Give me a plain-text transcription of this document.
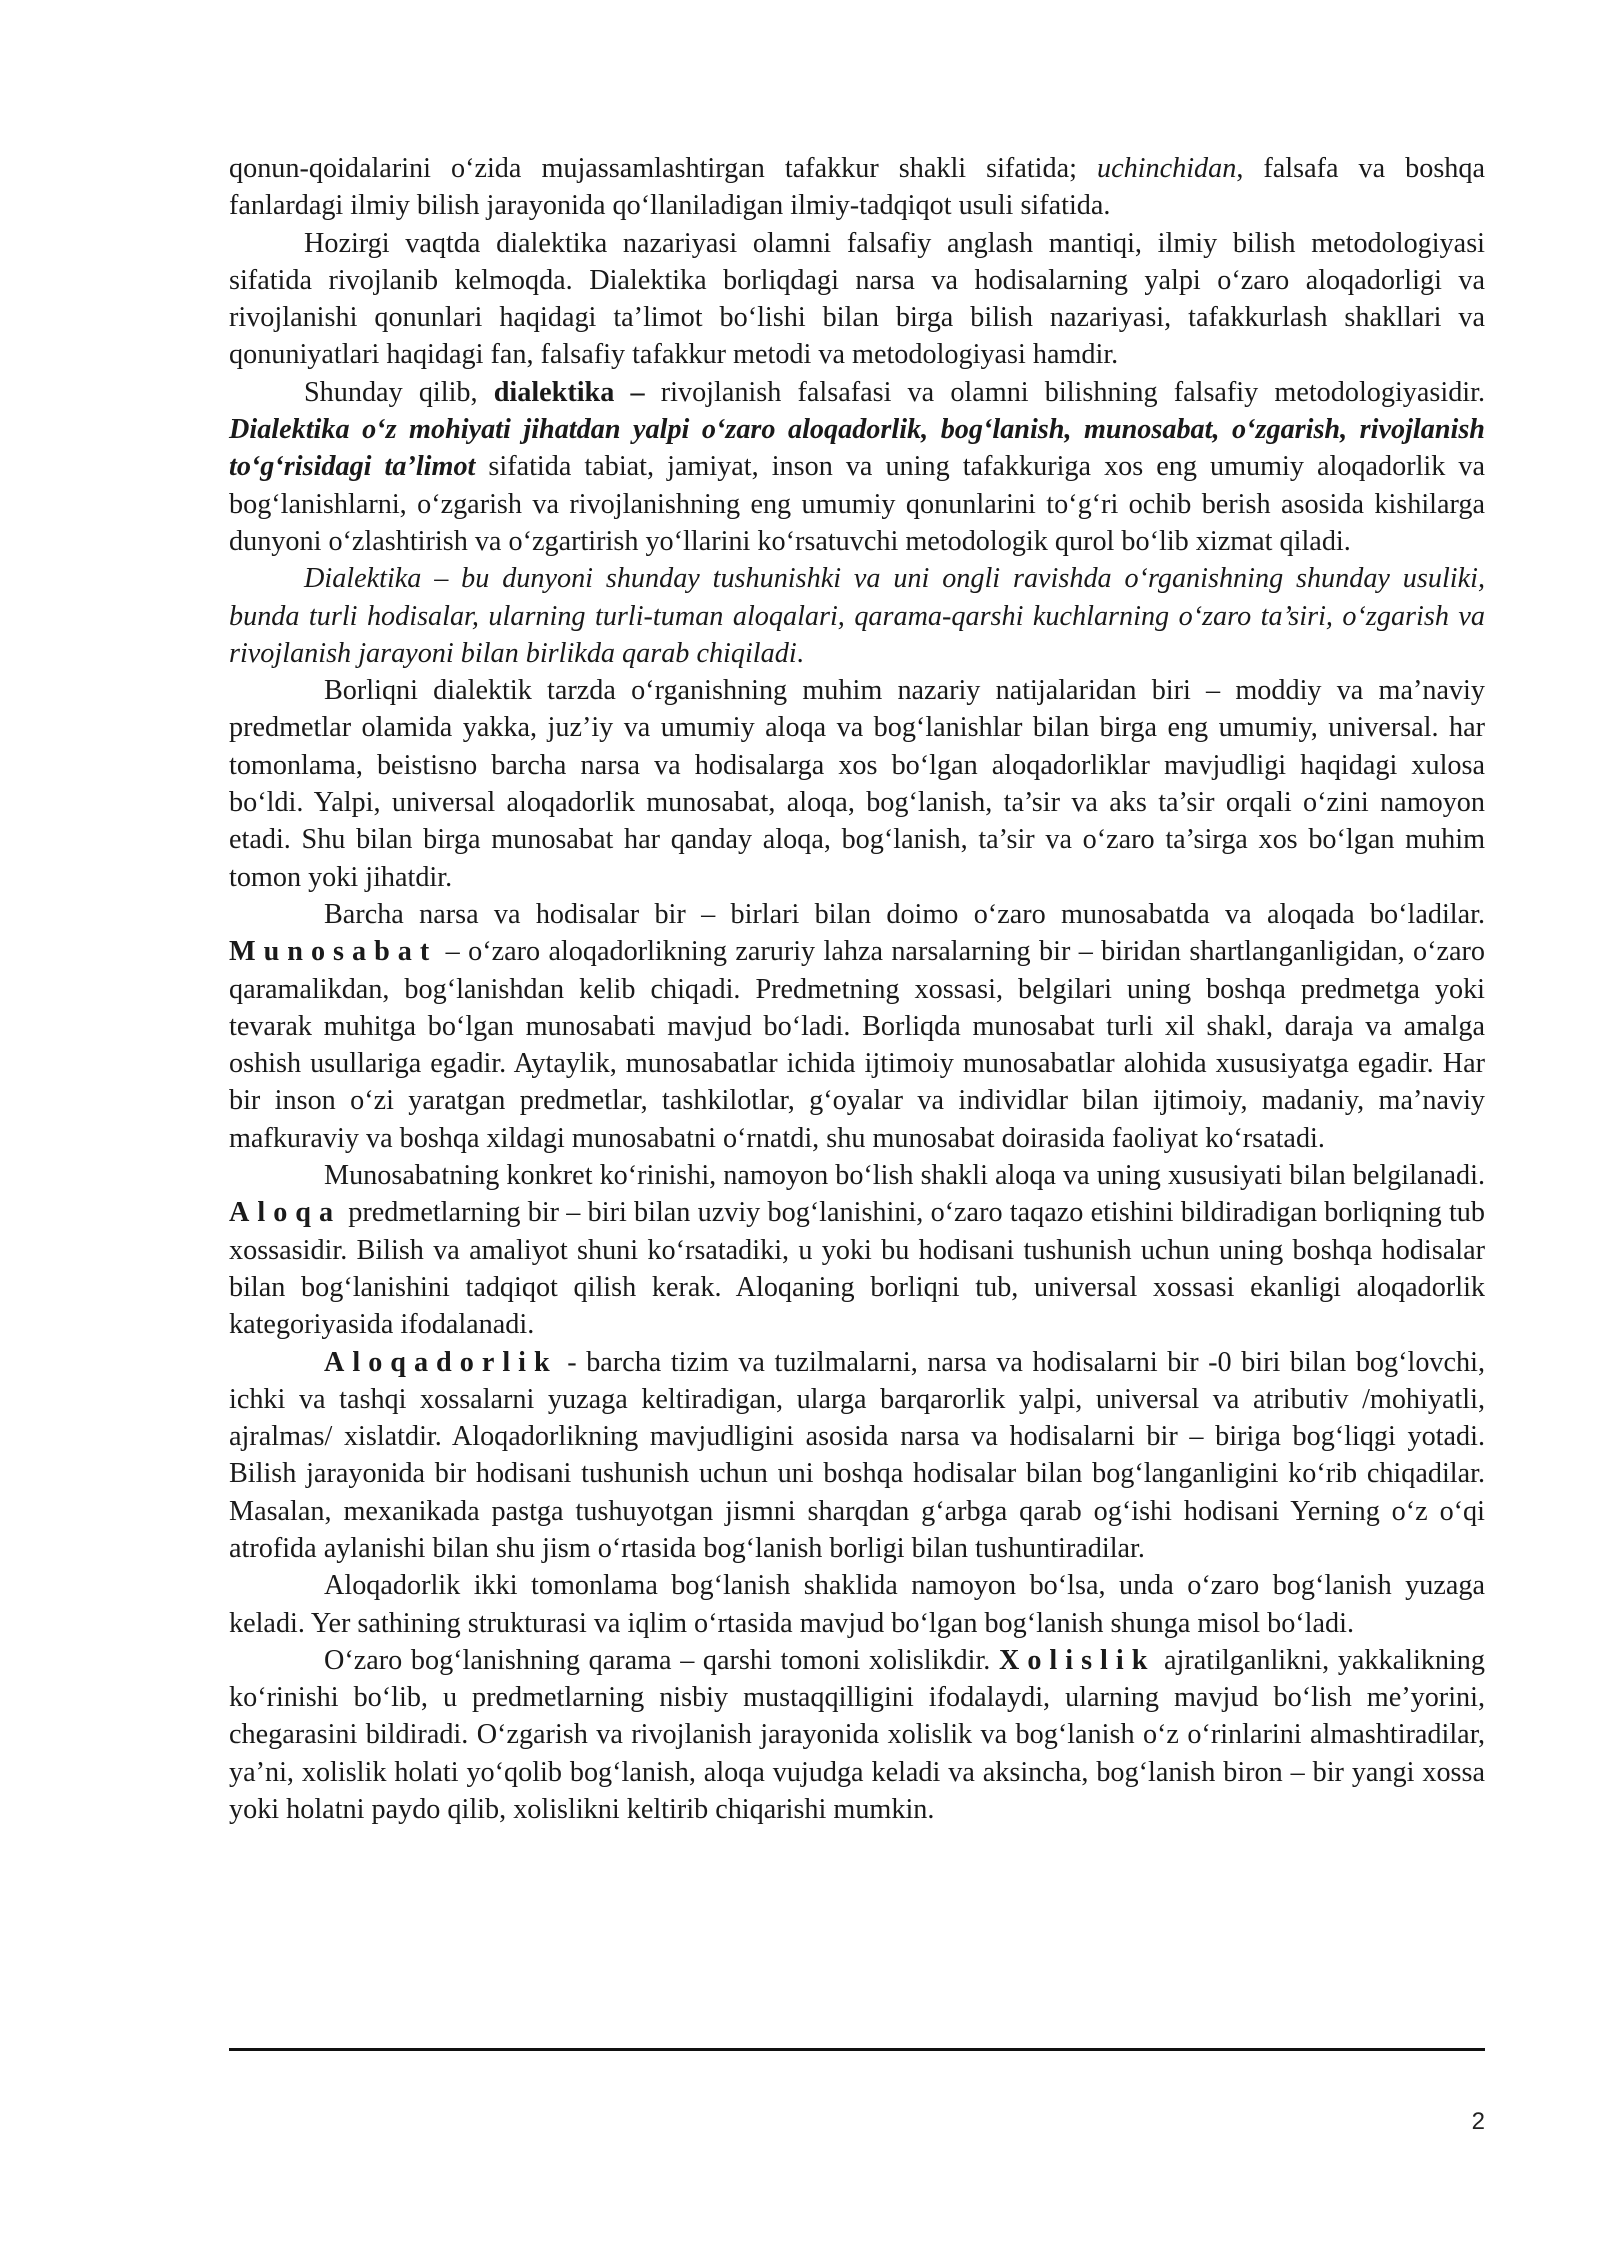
qonun-qoidalarini o‘zida mujassamlashtirgan tafakkur shakli sifatida; uchinchidan, falsafa va boshqa fanlardagi ilmiy bilish jarayonida qo‘llaniladigan ilmiy-tadqiqot usuli sifatida.

Hozirgi vaqtda dialektika nazariyasi olamni falsafiy anglash mantiqi, ilmiy bilish metodologiyasi sifatida rivojlanib kelmoqda. Dialektika borliqdagi narsa va hodisalarning yalpi o‘zaro aloqadorligi va rivojlanishi qonunlari haqidagi ta’limot bo‘lishi bilan birga bilish nazariyasi, tafakkurlash shakllari va qonuniyatlari haqidagi fan, falsafiy tafakkur metodi va metodologiyasi hamdir.

Shunday qilib, dialektika – rivojlanish falsafasi va olamni bilishning falsafiy metodologiyasidir. Dialektika o‘z mohiyati jihatdan yalpi o‘zaro aloqadorlik, bog‘lanish, munosabat, o‘zgarish, rivojlanish to‘g‘risidagi ta’limot sifatida tabiat, jamiyat, inson va uning tafakkuriga xos eng umumiy aloqadorlik va bog‘lanishlarni, o‘zgarish va rivojlanishning eng umumiy qonunlarini to‘g‘ri ochib berish asosida kishilarga dunyoni o‘zlashtirish va o‘zgartirish yo‘llarini ko‘rsatuvchi metodologik qurol bo‘lib xizmat qiladi.

Dialektika – bu dunyoni shunday tushunishki va uni ongli ravishda o‘rganishning shunday usuliki, bunda turli hodisalar, ularning turli-tuman aloqalari, qarama-qarshi kuchlarning o‘zaro ta’siri, o‘zgarish va rivojlanish jarayoni bilan birlikda qarab chiqiladi.

Borliqni dialektik tarzda o‘rganishning muhim nazariy natijalaridan biri – moddiy va ma’naviy predmetlar olamida yakka, juz’iy va umumiy aloqa va bog‘lanishlar bilan birga eng umumiy, universal. har tomonlama, beistisno barcha narsa va hodisalarga xos bo‘lgan aloqadorliklar mavjudligi haqidagi xulosa bo‘ldi. Yalpi, universal aloqadorlik munosabat, aloqa, bog‘lanish, ta’sir va aks ta’sir orqali o‘zini namoyon etadi. Shu bilan birga munosabat har qanday aloqa, bog‘lanish, ta’sir va o‘zaro ta’sirga xos bo‘lgan muhim tomon yoki jihatdir.

Barcha narsa va hodisalar bir – birlari bilan doimo o‘zaro munosabatda va aloqada bo‘ladilar. Munosabat – o‘zaro aloqadorlikning zaruriy lahza narsalarning bir – biridan shartlanganligidan, o‘zaro qaramalikdan, bog‘lanishdan kelib chiqadi. Predmetning xossasi, belgilari uning boshqa predmetga yoki tevarak muhitga bo‘lgan munosabati mavjud bo‘ladi. Borliqda munosabat turli xil shakl, daraja va amalga oshish usullariga egadir. Aytaylik, munosabatlar ichida ijtimoiy munosabatlar alohida xususiyatga egadir. Har bir inson o‘zi yaratgan predmetlar, tashkilotlar, g‘oyalar va individlar bilan ijtimoiy, madaniy, ma’naviy mafkuraviy va boshqa xildagi munosabatni o‘rnatdi, shu munosabat doirasida faoliyat ko‘rsatadi.

Munosabatning konkret ko‘rinishi, namoyon bo‘lish shakli aloqa va uning xususiyati bilan belgilanadi. Aloqa predmetlarning bir – biri bilan uzviy bog‘lanishini, o‘zaro taqazo etishini bildiradigan borliqning tub xossasidir. Bilish va amaliyot shuni ko‘rsatadiki, u yoki bu hodisani tushunish uchun uning boshqa hodisalar bilan bog‘lanishini tadqiqot qilish kerak. Aloqaning borliqni tub, universal xossasi ekanligi aloqadorlik kategoriyasida ifodalanadi.

Aloqadorlik - barcha tizim va tuzilmalarni, narsa va hodisalarni bir -0 biri bilan bog‘lovchi, ichki va tashqi xossalarni yuzaga keltiradigan, ularga barqarorlik yalpi, universal va atributiv /mohiyatli, ajralmas/ xislatdir. Aloqadorlikning mavjudligini asosida narsa va hodisalarni bir – biriga bog‘liqgi yotadi. Bilish jarayonida bir hodisani tushunish uchun uni boshqa hodisalar bilan bog‘langanligini ko‘rib chiqadilar. Masalan, mexanikada pastga tushuyotgan jismni sharqdan g‘arbga qarab og‘ishi hodisani Yerning o‘z o‘qi atrofida aylanishi bilan shu jism o‘rtasida bog‘lanish borligi bilan tushuntiradilar.

Aloqadorlik ikki tomonlama bog‘lanish shaklida namoyon bo‘lsa, unda o‘zaro bog‘lanish yuzaga keladi. Yer sathining strukturasi va iqlim o‘rtasida mavjud bo‘lgan bog‘lanish shunga misol bo‘ladi.

O‘zaro bog‘lanishning qarama – qarshi tomoni xolislikdir. Xolislik ajratilganlikni, yakkalikning ko‘rinishi bo‘lib, u predmetlarning nisbiy mustaqqilligini ifodalaydi, ularning mavjud bo‘lish me’yorini, chegarasini bildiradi. O‘zgarish va rivojlanish jarayonida xolislik va bog‘lanish o‘z o‘rinlarini almashtiradilar, ya’ni, xolislik holati yo‘qolib bog‘lanish, aloqa vujudga keladi va aksincha, bog‘lanish biron – bir yangi xossa yoki holatni paydo qilib, xolislikni keltirib chiqarishi mumkin.

2
